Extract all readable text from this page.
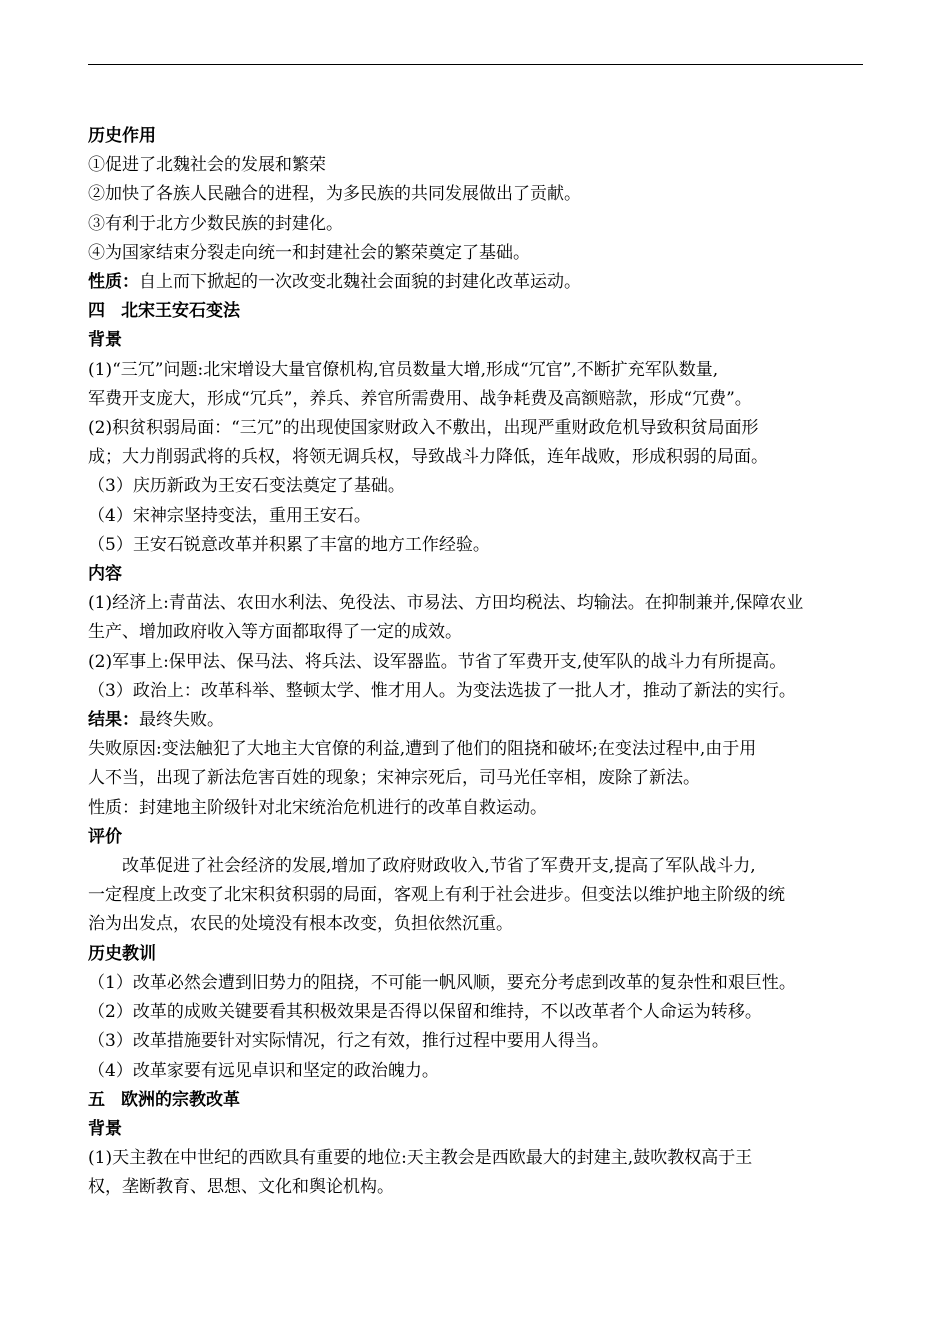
历史作用
①促进了北魏社会的发展和繁荣
②加快了各族人民融合的进程，为多民族的共同发展做出了贡献。
③有利于北方少数民族的封建化。
④为国家结束分裂走向统一和封建社会的繁荣奠定了基础。
性质：自上而下掀起的一次改变北魏社会面貌的封建化改革运动。
四 北宋王安石变法
背景
(1)“三冗”问题:北宋增设大量官僚机构,官员数量大增,形成“冗官”,不断扩充军队数量,
军费开支庞大，形成“冗兵”，养兵、养官所需费用、战争耗费及高额赔款，形成“冗费”。
(2)积贫积弱局面：“三冗”的出现使国家财政入不敷出，出现严重财政危机导致积贫局面形
成；大力削弱武将的兵权，将领无调兵权，导致战斗力降低，连年战败，形成积弱的局面。
（3）庆历新政为王安石变法奠定了基础。
（4）宋神宗坚持变法，重用王安石。
（5）王安石锐意改革并积累了丰富的地方工作经验。
内容
(1)经济上:青苗法、农田水利法、免役法、市易法、方田均税法、均输法。在抑制兼并,保障农业
生产、增加政府收入等方面都取得了一定的成效。
(2)军事上:保甲法、保马法、将兵法、设军器监。节省了军费开支,使军队的战斗力有所提高。
（3）政治上：改革科举、整顿太学、惟才用人。为变法选拔了一批人才，推动了新法的实行。
结果：最终失败。
失败原因:变法触犯了大地主大官僚的利益,遭到了他们的阻挠和破坏;在变法过程中,由于用
人不当，出现了新法危害百姓的现象；宋神宗死后，司马光任宰相，废除了新法。
性质：封建地主阶级针对北宋统治危机进行的改革自救运动。
评价
改革促进了社会经济的发展,增加了政府财政收入,节省了军费开支,提高了军队战斗力,
一定程度上改变了北宋积贫积弱的局面，客观上有利于社会进步。但变法以维护地主阶级的统
治为出发点，农民的处境没有根本改变，负担依然沉重。
历史教训
（1）改革必然会遭到旧势力的阻挠，不可能一帆风顺，要充分考虑到改革的复杂性和艰巨性。
（2）改革的成败关键要看其积极效果是否得以保留和维持，不以改革者个人命运为转移。
（3）改革措施要针对实际情况，行之有效，推行过程中要用人得当。
（4）改革家要有远见卓识和坚定的政治魄力。
五 欧洲的宗教改革
背景
(1)天主教在中世纪的西欧具有重要的地位:天主教会是西欧最大的封建主,鼓吹教权高于王
权，垄断教育、思想、文化和舆论机构。
